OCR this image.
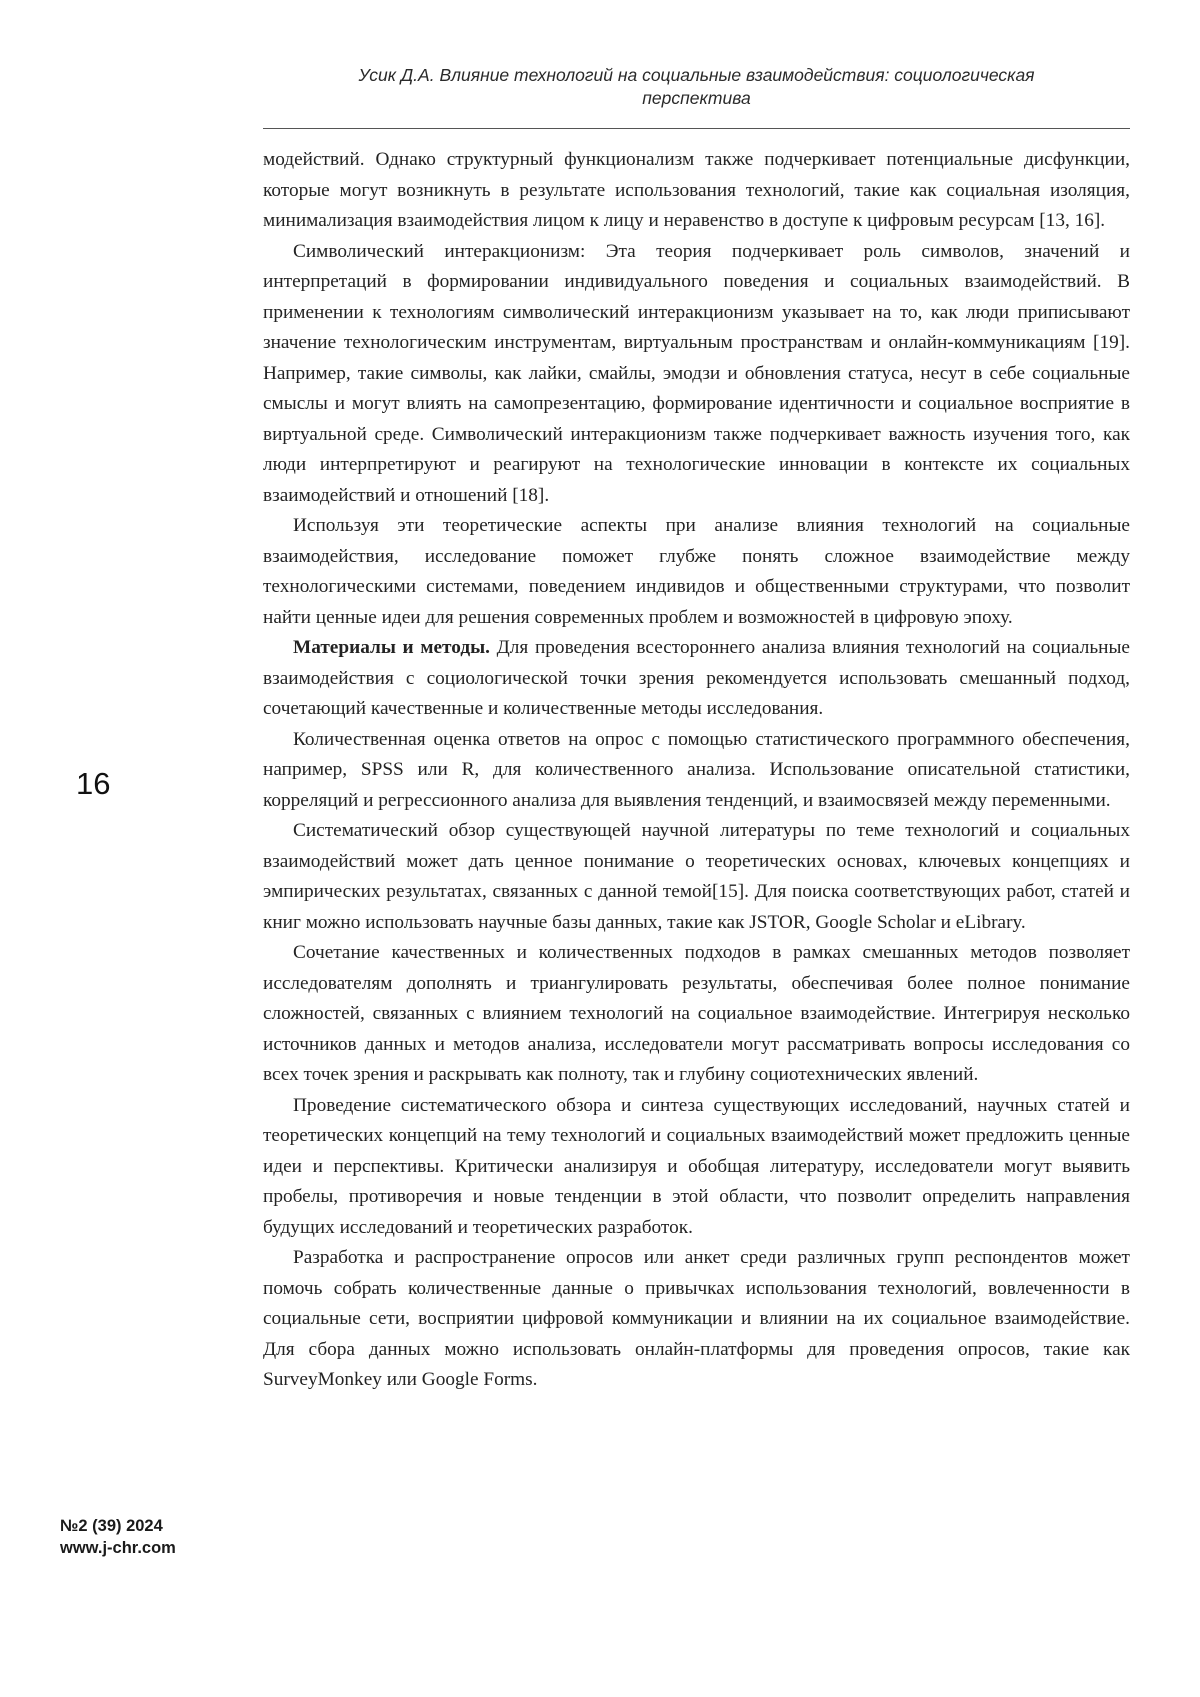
Усик Д.А. Влияние технологий на социальные взаимодействия: социологическая
перспектива
16
№2 (39) 2024
www.j-chr.com

модействий. Однако структурный функционализм также подчеркивает потенциальные дисфункции, которые могут возникнуть в результате использования технологий, такие как социальная изоляция, минимализация взаимодействия лицом к лицу и неравенство в доступе к цифровым ресурсам [13, 16].

Символический интеракционизм: Эта теория подчеркивает роль символов, значений и интерпретаций в формировании индивидуального поведения и социальных взаимодействий. В применении к технологиям символический интеракционизм указывает на то, как люди приписывают значение технологическим инструментам, виртуальным пространствам и онлайн-коммуникациям [19]. Например, такие символы, как лайки, смайлы, эмодзи и обновления статуса, несут в себе социальные смыслы и могут влиять на самопрезентацию, формирование идентичности и социальное восприятие в виртуальной среде. Символический интеракционизм также подчеркивает важность изучения того, как люди интерпретируют и реагируют на технологические инновации в контексте их социальных взаимодействий и отношений [18].

Используя эти теоретические аспекты при анализе влияния технологий на социальные взаимодействия, исследование поможет глубже понять сложное взаимодействие между технологическими системами, поведением индивидов и общественными структурами, что позволит найти ценные идеи для решения современных проблем и возможностей в цифровую эпоху.

Материалы и методы. Для проведения всестороннего анализа влияния технологий на социальные взаимодействия с социологической точки зрения рекомендуется использовать смешанный подход, сочетающий качественные и количественные методы исследования.

Количественная оценка ответов на опрос с помощью статистического программного обеспечения, например, SPSS или R, для количественного анализа. Использование описательной статистики, корреляций и регрессионного анализа для выявления тенденций, и взаимосвязей между переменными.

Систематический обзор существующей научной литературы по теме технологий и социальных взаимодействий может дать ценное понимание о теоретических основах, ключевых концепциях и эмпирических результатах, связанных с данной темой[15]. Для поиска соответствующих работ, статей и книг можно использовать научные базы данных, такие как JSTOR, Google Scholar и eLibrary.

Сочетание качественных и количественных подходов в рамках смешанных методов позволяет исследователям дополнять и триангулировать результаты, обеспечивая более полное понимание сложностей, связанных с влиянием технологий на социальное взаимодействие. Интегрируя несколько источников данных и методов анализа, исследователи могут рассматривать вопросы исследования со всех точек зрения и раскрывать как полноту, так и глубину социотехнических явлений.

Проведение систематического обзора и синтеза существующих исследований, научных статей и теоретических концепций на тему технологий и социальных взаимодействий может предложить ценные идеи и перспективы. Критически анализируя и обобщая литературу, исследователи могут выявить пробелы, противоречия и новые тенденции в этой области, что позволит определить направления будущих исследований и теоретических разработок.

Разработка и распространение опросов или анкет среди различных групп респондентов может помочь собрать количественные данные о привычках использования технологий, вовлеченности в социальные сети, восприятии цифровой коммуникации и влиянии на их социальное взаимодействие. Для сбора данных можно использовать онлайн-платформы для проведения опросов, такие как SurveyMonkey или Google Forms.
